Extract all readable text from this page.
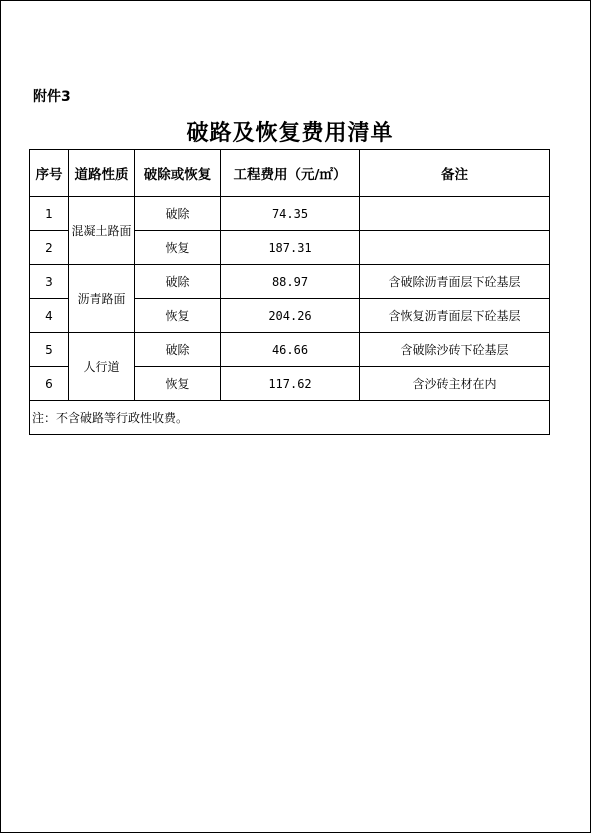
附件3
破路及恢复费用清单
序号	道路性质	破除或恢复	工程费用（元/㎡）	备注
1	混凝土路面	破除	74.35	
2		恢复	187.31	
3	沥青路面	破除	88.97	含破除沥青面层下砼基层
4		恢复	204.26	含恢复沥青面层下砼基层
5	人行道	破除	46.66	含破除沙砖下砼基层
6		恢复	117.62	含沙砖主材在内
注：不含破路等行政性收费。				
